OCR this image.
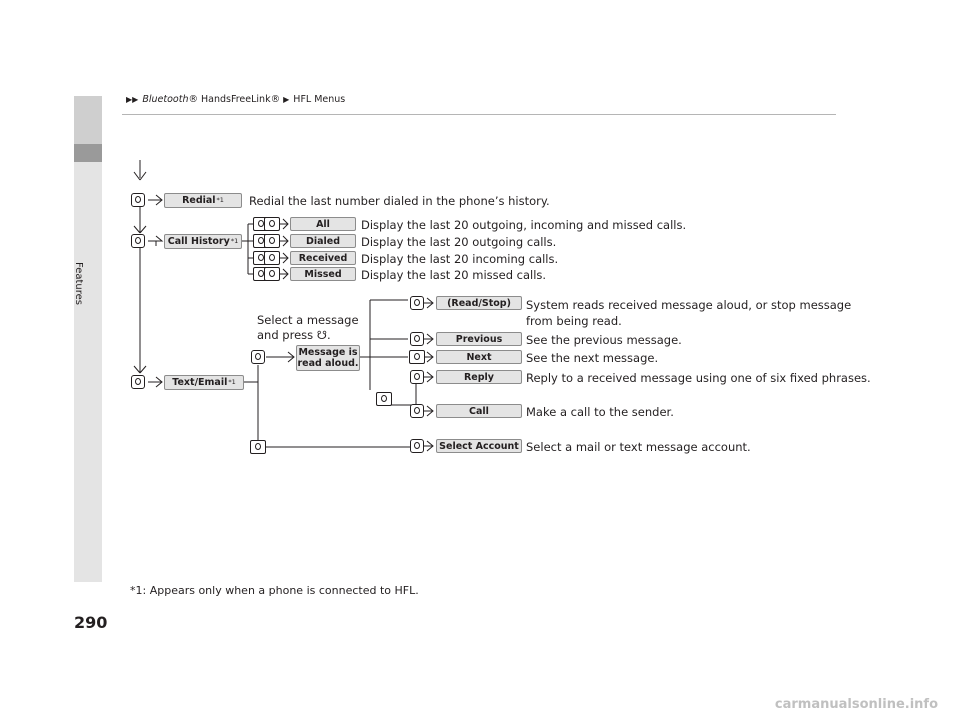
Features
▶▶ Bluetooth® HandsFreeLink® ▶ HFL Menus
Redial$^{*1}$ Redial the last number dialed in the phone’s history.
Call History$^{*1}$
All
Dialed
Received
Missed
Display the last 20 outgoing, incoming and missed calls.
Display the last 20 outgoing calls.
Display the last 20 incoming calls.
Display the last 20 missed calls.
Text/Email$^{*1}$
Select a message
and press ☋.
Message is
read aloud.
(Read/Stop)
Previous
Next
Reply
Call
Select Account
System reads received message aloud, or stop message
from being read.
See the previous message.
See the next message.
Reply to a received message using one of six fixed phrases.
Make a call to the sender.
Select a mail or text message account.
*1: Appears only when a phone is connected to HFL.
290
carmanualsonline.info
